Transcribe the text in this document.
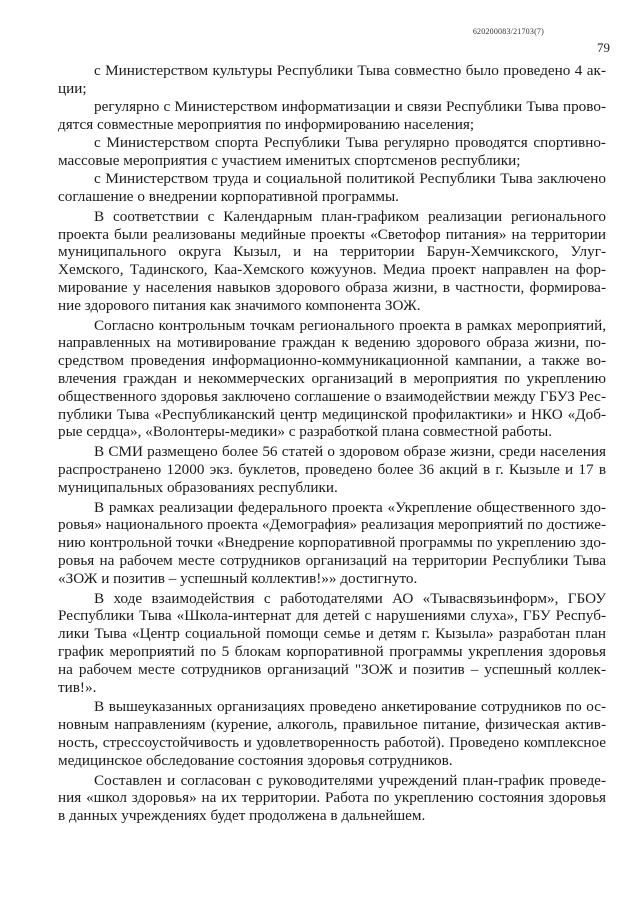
620200083/21703(7)
79

с Министерством культуры Республики Тыва совместно было проведено 4 акции;

регулярно с Министерством информатизации и связи Республики Тыва проводятся совместные мероприятия по информированию населения;

с Министерством спорта Республики Тыва регулярно проводятся спортивно-массовые мероприятия с участием именитых спортсменов республики;

с Министерством труда и социальной политикой Республики Тыва заключено соглашение о внедрении корпоративной программы.

В соответствии с Календарным план-графиком реализации регионального проекта были реализованы медийные проекты «Светофор питания» на территории муниципального округа Кызыл, и на территории Барун-Хемчикского, Улуг-Хемского, Тадинского, Каа-Хемского кожуунов. Медиа проект направлен на формирование у населения навыков здорового образа жизни, в частности, формирование здорового питания как значимого компонента ЗОЖ.

Согласно контрольным точкам регионального проекта в рамках мероприятий, направленных на мотивирование граждан к ведению здорового образа жизни, посредством проведения информационно-коммуникационной кампании, а также вовлечения граждан и некоммерческих организаций в мероприятия по укреплению общественного здоровья заключено соглашение о взаимодействии между ГБУЗ Республики Тыва «Республиканский центр медицинской профилактики» и НКО «Добрые сердца», «Волонтеры-медики» с разработкой плана совместной работы.

В СМИ размещено более 56 статей о здоровом образе жизни, среди населения распространено 12000 экз. буклетов, проведено более 36 акций в г. Кызыле и 17 в муниципальных образованиях республики.

В рамках реализации федерального проекта «Укрепление общественного здоровья» национального проекта «Демография» реализация мероприятий по достижению контрольной точки «Внедрение корпоративной программы по укреплению здоровья на рабочем месте сотрудников организаций на территории Республики Тыва «ЗОЖ и позитив – успешный коллектив!»» достигнуто.

В ходе взаимодействия с работодателями АО «Тывасвязьинформ», ГБОУ Республики Тыва «Школа-интернат для детей с нарушениями слуха», ГБУ Республики Тыва «Центр социальной помощи семье и детям г. Кызыла» разработан план график мероприятий по 5 блокам корпоративной программы укрепления здоровья на рабочем месте сотрудников организаций "ЗОЖ и позитив – успешный коллектив!».

В вышеуказанных организациях проведено анкетирование сотрудников по основным направлениям (курение, алкоголь, правильное питание, физическая активность, стрессоустойчивость и удовлетворенность работой). Проведено комплексное медицинское обследование состояния здоровья сотрудников.

Составлен и согласован с руководителями учреждений план-график проведения «школ здоровья» на их территории. Работа по укреплению состояния здоровья в данных учреждениях будет продолжена в дальнейшем.
